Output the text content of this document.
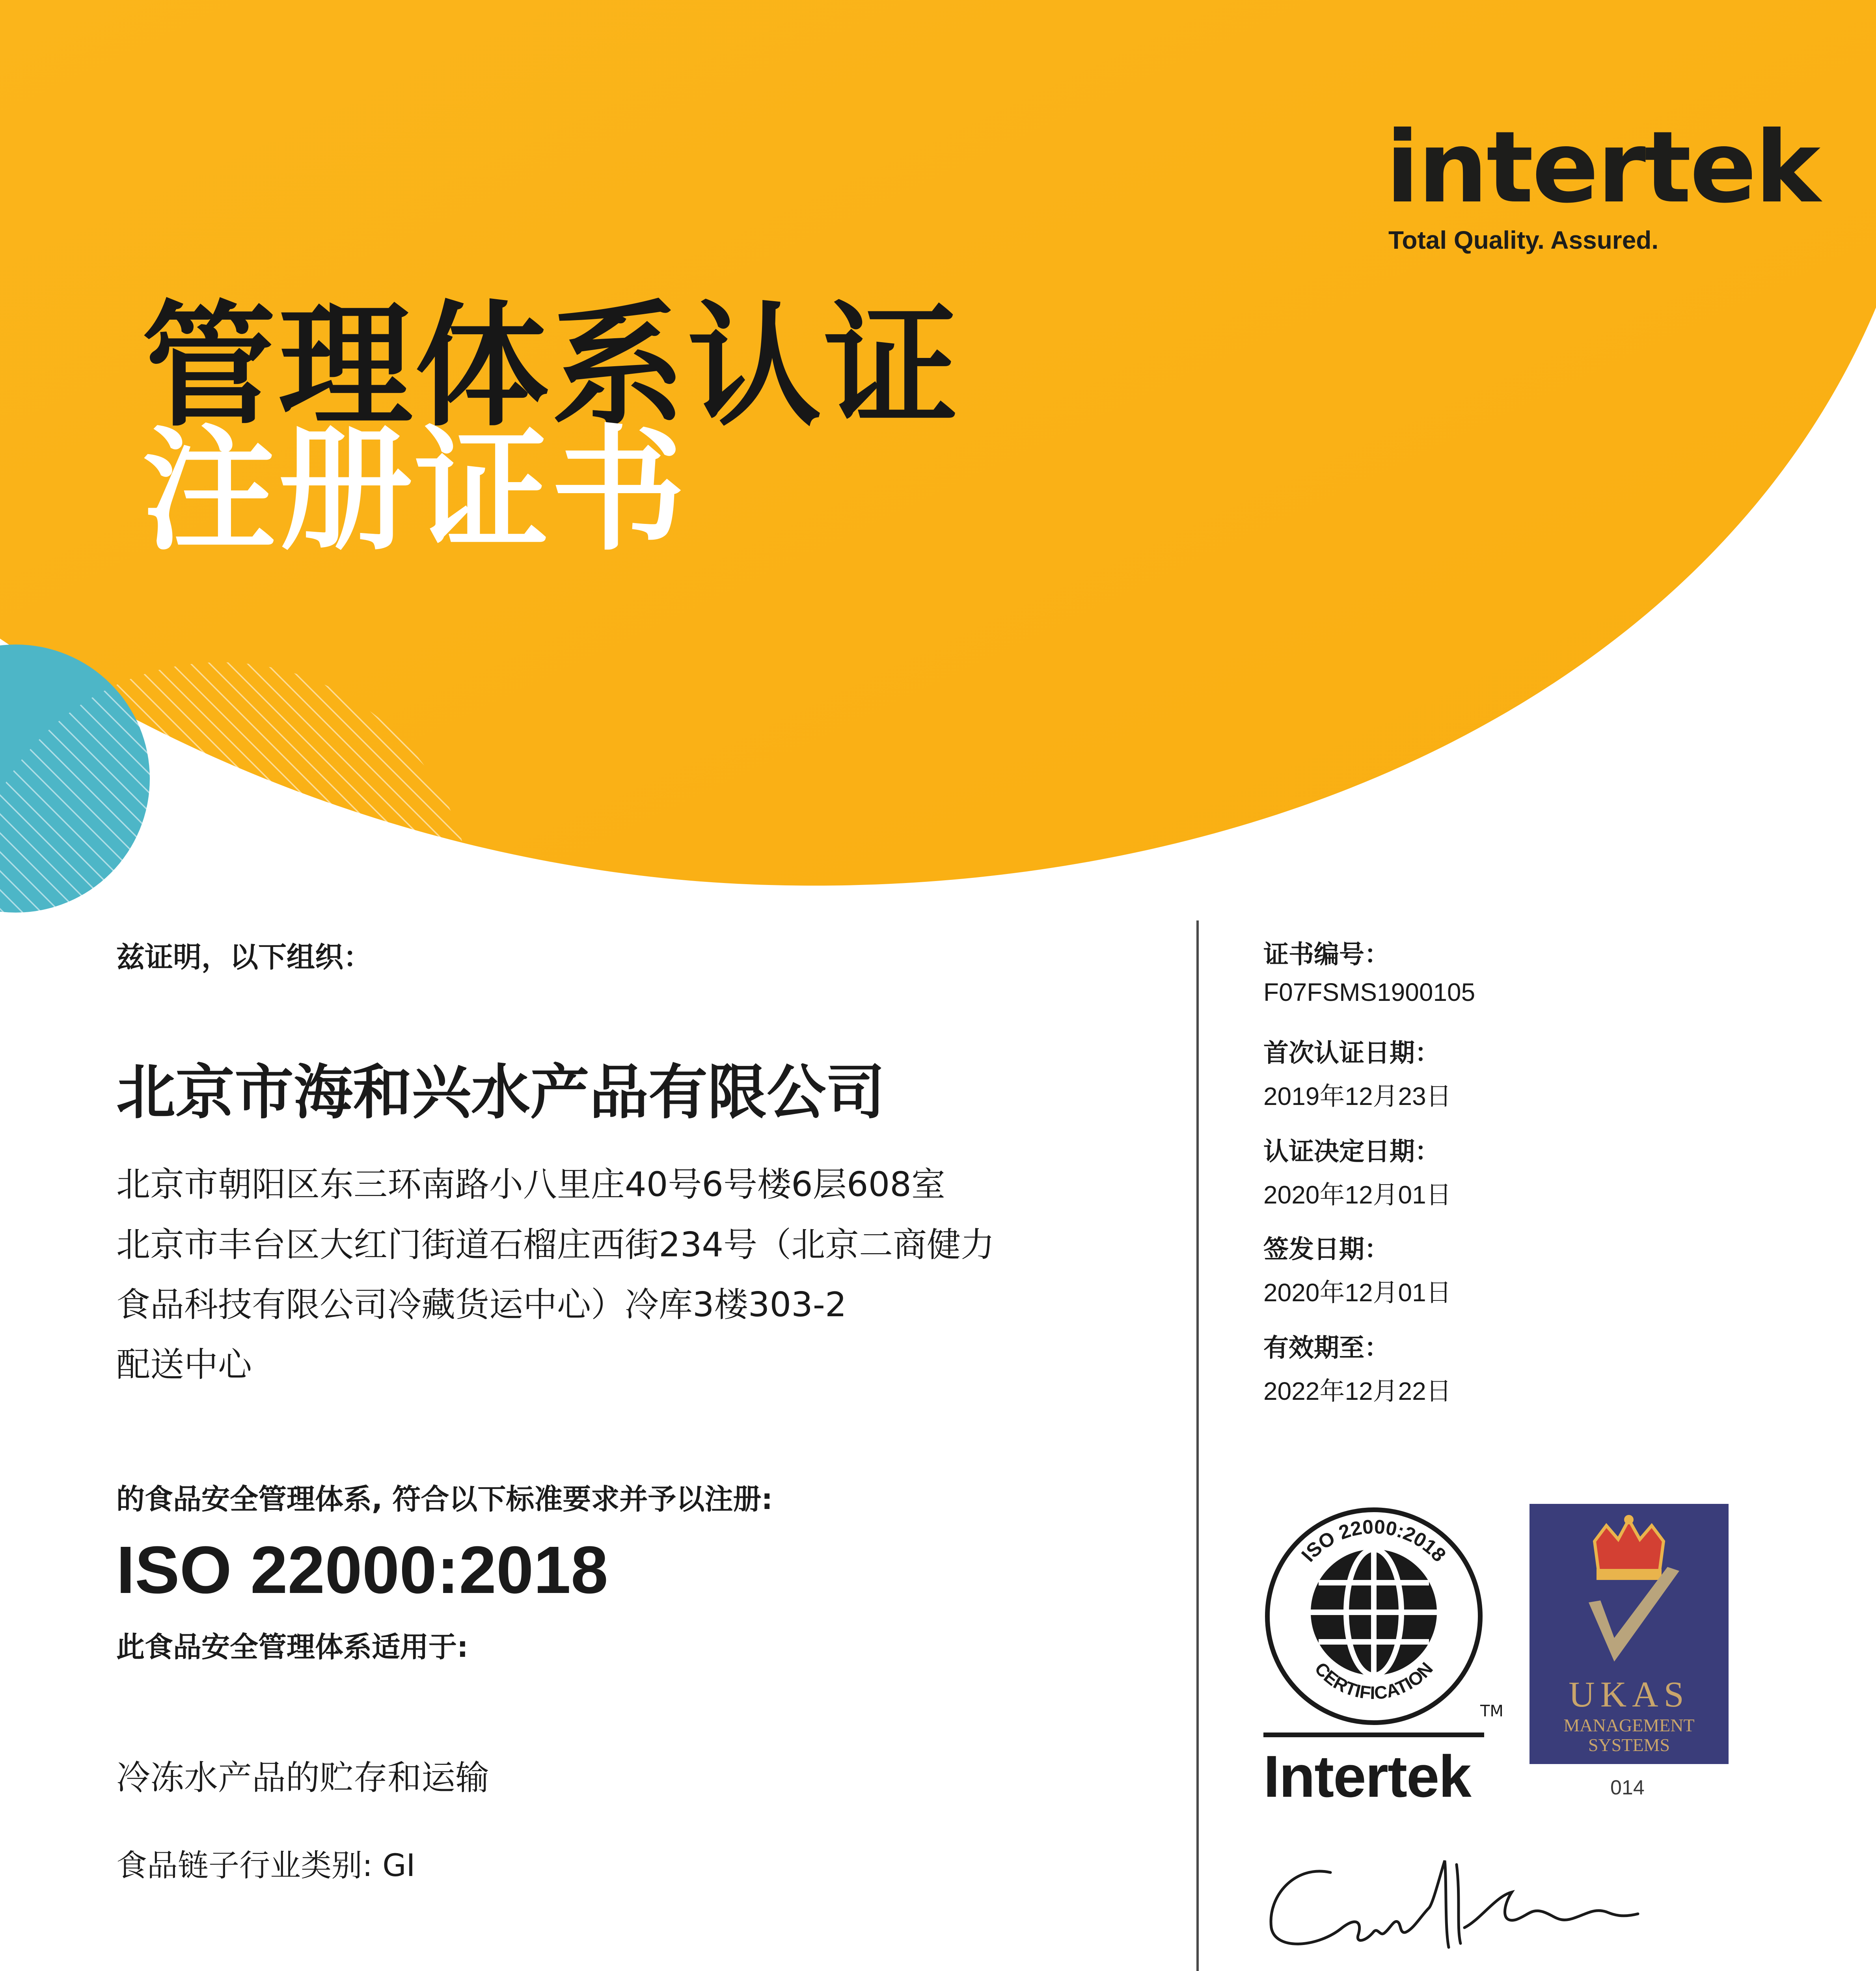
intertek
Total Quality. Assured.
管理体系认证
注册证书
兹证明，以下组织：
北京市海和兴水产品有限公司
北京市朝阳区东三环南路小八里庄40号6号楼6层608室
北京市丰台区大红门街道石榴庄西街234号（北京二商健力
食品科技有限公司冷藏货运中心）冷库3楼303-2
配送中心
的食品安全管理体系, 符合以下标准要求并予以注册:
ISO 22000:2018
此食品安全管理体系适用于:
冷冻水产品的贮存和运输
食品链子行业类别: GI
证书编号：
F07FSMS1900105
首次认证日期：
2019年12月23日
认证决定日期：
2020年12月01日
签发日期：
2020年12月01日
有效期至：
2022年12月22日
ISO 22000:2018
CERTIFICATION
TM
Intertek
UKAS
MANAGEMENT
SYSTEMS
014
